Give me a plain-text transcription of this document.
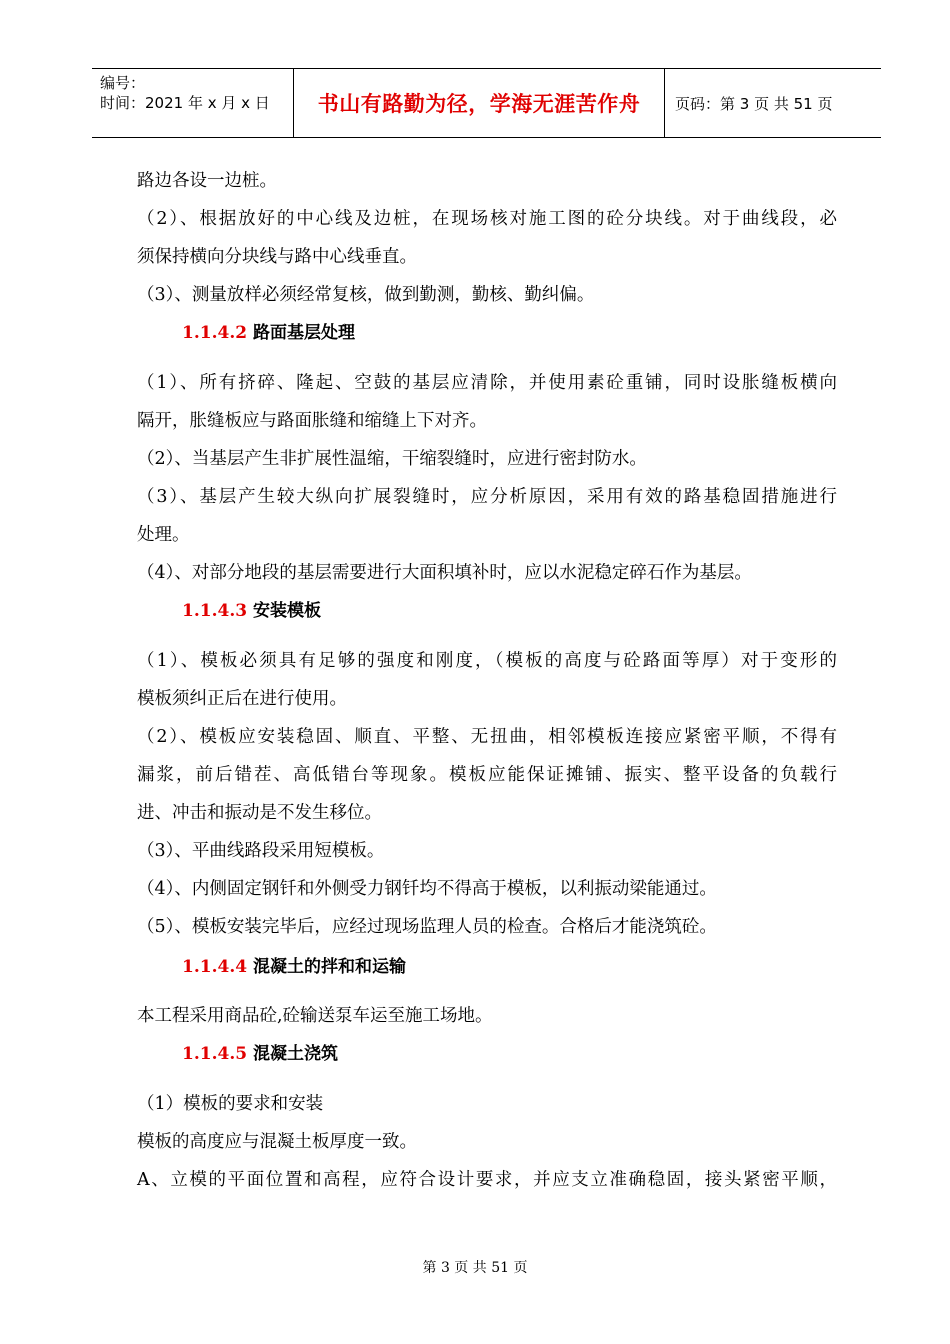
编号：
时间：2021 年 x 月 x 日	书山有路勤为径，学海无涯苦作舟	页码：第 3 页 共 51 页
路边各设一边桩。
（2）、根据放好的中心线及边桩，在现场核对施工图的砼分块线。对于曲线段，必
须保持横向分块线与路中心线垂直。
（3）、测量放样必须经常复核，做到勤测，勤核、勤纠偏。
1.1.4.2 路面基层处理
（1）、所有挤碎、隆起、空鼓的基层应清除，并使用素砼重铺，同时设胀缝板横向
隔开，胀缝板应与路面胀缝和缩缝上下对齐。
（2）、当基层产生非扩展性温缩，干缩裂缝时，应进行密封防水。
（3）、基层产生较大纵向扩展裂缝时，应分析原因，采用有效的路基稳固措施进行
处理。
（4）、对部分地段的基层需要进行大面积填补时，应以水泥稳定碎石作为基层。
1.1.4.3 安装模板
（1）、模板必须具有足够的强度和刚度，（模板的高度与砼路面等厚）对于变形的
模板须纠正后在进行使用。
（2）、模板应安装稳固、顺直、平整、无扭曲，相邻模板连接应紧密平顺，不得有
漏浆，前后错茬、高低错台等现象。模板应能保证摊铺、振实、整平设备的负载行
进、冲击和振动是不发生移位。
（3）、平曲线路段采用短模板。
（4）、内侧固定钢钎和外侧受力钢钎均不得高于模板，以利振动梁能通过。
（5）、模板安装完毕后，应经过现场监理人员的检查。合格后才能浇筑砼。
1.1.4.4 混凝土的拌和和运输
本工程采用商品砼,砼输送泵车运至施工场地。
1.1.4.5 混凝土浇筑
（1）模板的要求和安装
模板的高度应与混凝土板厚度一致。
A、立模的平面位置和高程，应符合设计要求，并应支立准确稳固，接头紧密平顺，
第 3 页 共 51 页
